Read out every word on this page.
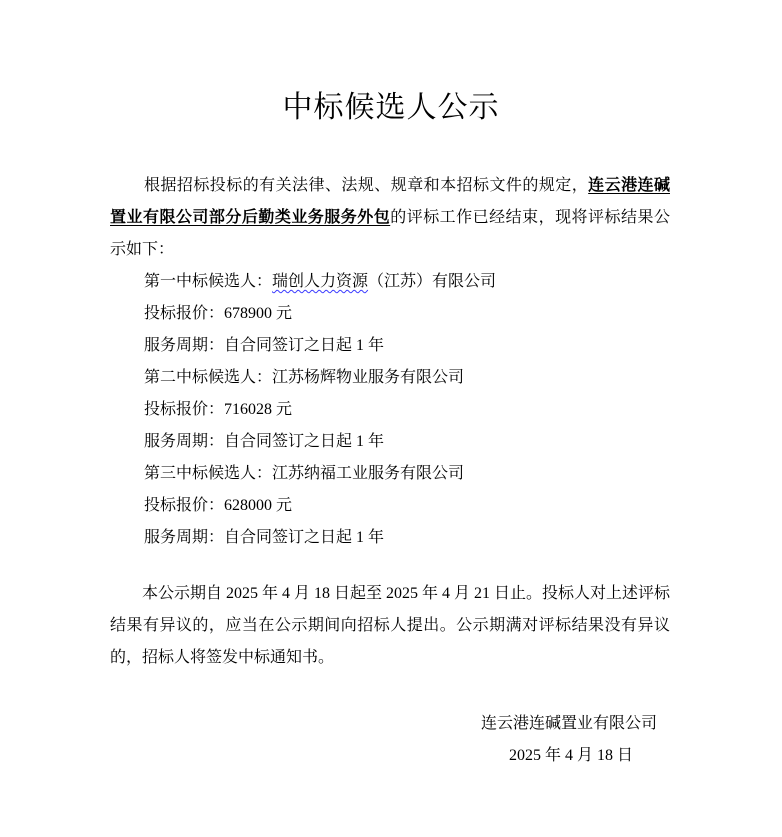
中标候选人公示

根据招标投标的有关法律、法规、规章和本招标文件的规定，连云港连碱置业有限公司部分后勤类业务服务外包的评标工作已经结束，现将评标结果公示如下：

第一中标候选人：瑞创人力资源（江苏）有限公司
投标报价：678900 元
服务周期：自合同签订之日起 1 年
第二中标候选人：江苏杨辉物业服务有限公司
投标报价：716028 元
服务周期：自合同签订之日起 1 年
第三中标候选人：江苏纳福工业服务有限公司
投标报价：628000 元
服务周期：自合同签订之日起 1 年

本公示期自 2025 年 4 月 18 日起至 2025 年 4 月 21 日止。投标人对上述评标结果有异议的，应当在公示期间向招标人提出。公示期满对评标结果没有异议的，招标人将签发中标通知书。

连云港连碱置业有限公司
2025 年 4 月 18 日
